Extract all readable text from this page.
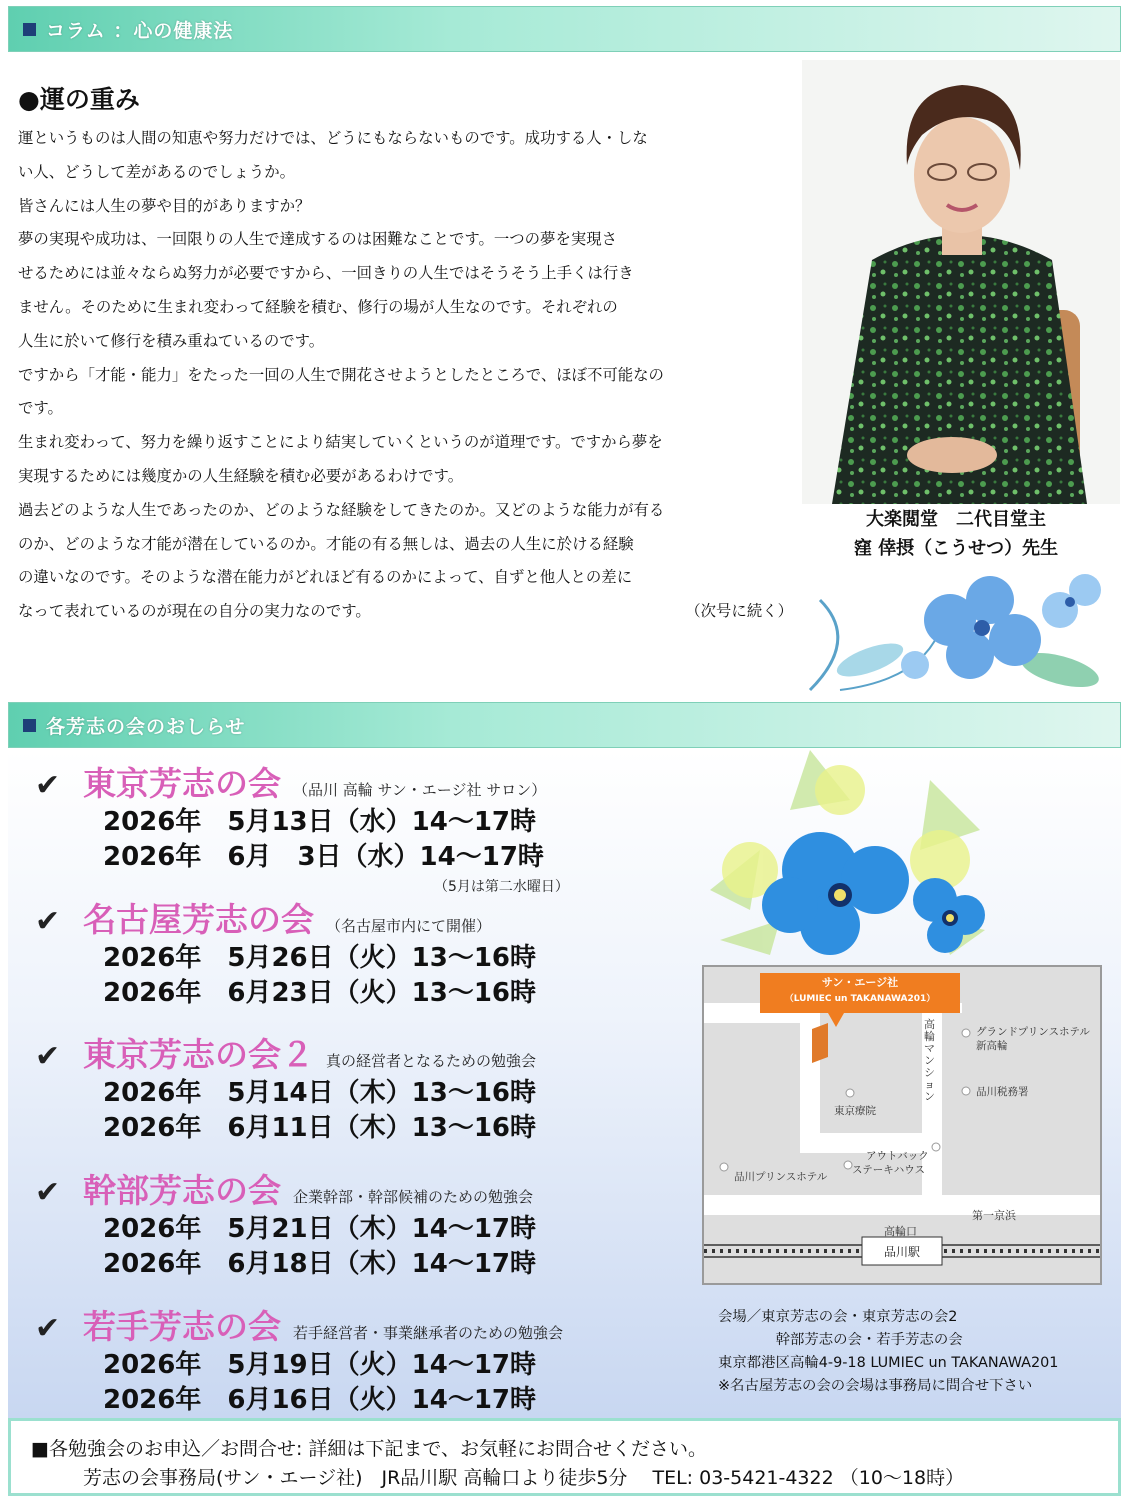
コラム ：心の健康法
●運の重み

運というものは人間の知恵や努力だけでは、どうにもならないものです。成功する人・しな

い人、どうして差があるのでしょうか。

皆さんには人生の夢や目的がありますか？

夢の実現や成功は、一回限りの人生で達成するのは困難なことです。一つの夢を実現さ

せるためには並々ならぬ努力が必要ですから、一回きりの人生ではそうそう上手くは行き

ません。そのために生まれ変わって経験を積む、修行の場が人生なのです。それぞれの

人生に於いて修行を積み重ねているのです。

ですから「才能・能力」をたった一回の人生で開花させようとしたところで、ほぼ不可能なの

です。

生まれ変わって、努力を繰り返すことにより結実していくというのが道理です。ですから夢を

実現するためには幾度かの人生経験を積む必要があるわけです。

過去どのような人生であったのか、どのような経験をしてきたのか。又どのような能力が有る

のか、どのような才能が潜在しているのか。才能の有る無しは、過去の人生に於ける経験

の違いなのです。そのような潜在能力がどれほど有るのかによって、自ずと他人との差に

なって表れているのが現在の自分の実力なのです。	（次号に続く）

大楽閲堂　二代目堂主
窪 倖摂（こうせつ）先生
各芳志の会のおしらせ
✔ 東京芳志の会 （品川 高輪 サン・エージ社 サロン）
2026年　5月13日（水）14～17時
2026年　6月　3日（水）14～17時
（5月は第二水曜日）
✔ 名古屋芳志の会 （名古屋市内にて開催）
2026年　5月26日（火）13～16時
2026年　6月23日（火）13～16時
✔ 東京芳志の会２ 真の経営者となるための勉強会
2026年　5月14日（木）13～16時
2026年　6月11日（木）13～16時
✔ 幹部芳志の会 企業幹部・幹部候補のための勉強会
2026年　5月21日（木）14～17時
2026年　6月18日（木）14～17時
✔ 若手芳志の会 若手経営者・事業継承者のための勉強会
2026年　5月19日（火）14～17時
2026年　6月16日（火）14～17時
サン・エージ社
（LUMIEC un TAKANAWA201）
高輪マンション
グランドプリンスホテル
新高輪
品川税務署
東京療院
アウトバック
ステーキハウス
品川プリンスホテル
第一京浜
高輪口
品川駅
会場／東京芳志の会・東京芳志の会2
　　　　幹部芳志の会・若手芳志の会
東京都港区高輪4-9-18 LUMIEC un TAKANAWA201
※名古屋芳志の会の会場は事務局に問合せ下さい
■各勉強会のお申込／お問合せ: 詳細は下記まで、お気軽にお問合せください。
芳志の会事務局(サン・エージ社)　JR品川駅 高輪口より徒歩5分　 TEL: 03-5421-4322 （10～18時）
